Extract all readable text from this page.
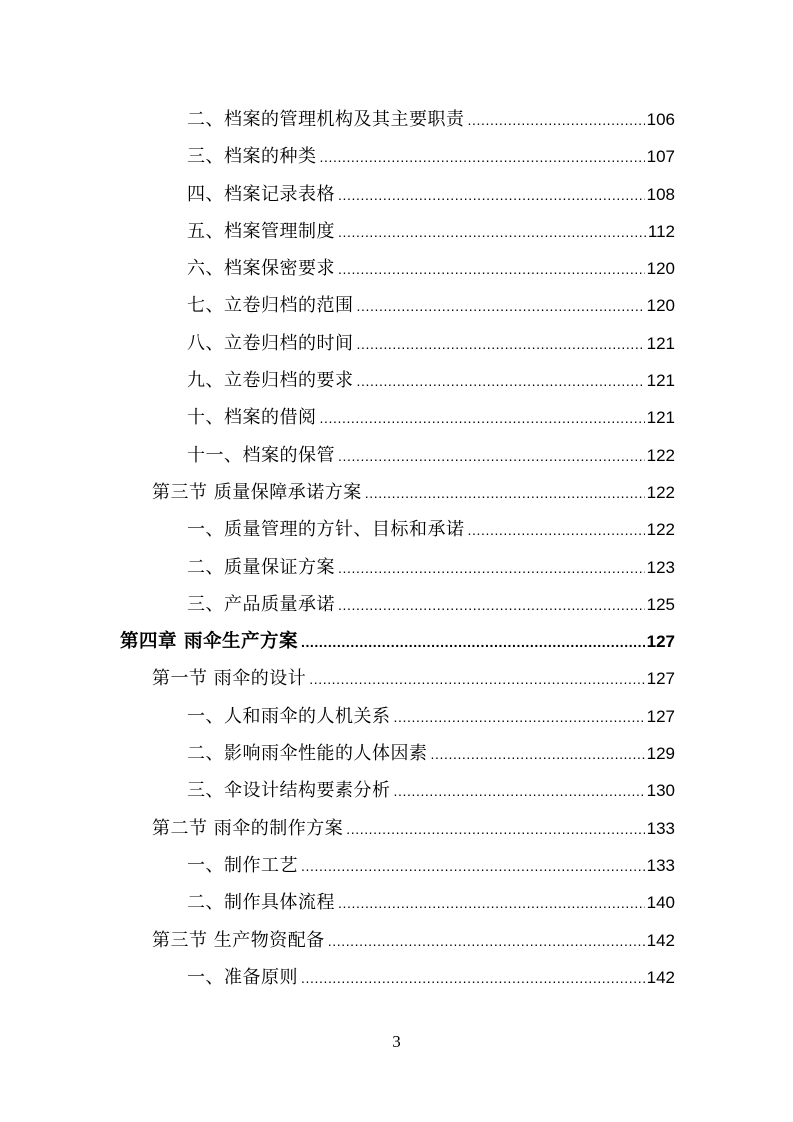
二、档案的管理机构及其主要职责 .....	106
三、档案的种类 .....	107
四、档案记录表格 .....	108
五、档案管理制度 .....	112
六、档案保密要求 .....	120
七、立卷归档的范围 .....	120
八、立卷归档的时间 .....	121
九、立卷归档的要求 .....	121
十、档案的借阅 .....	121
十一、档案的保管 .....	122
第三节 质量保障承诺方案 .....	122
一、质量管理的方针、目标和承诺 .....	122
二、质量保证方案 .....	123
三、产品质量承诺 .....	125
第四章 雨伞生产方案 .....	127
第一节 雨伞的设计 .....	127
一、人和雨伞的人机关系 .....	127
二、影响雨伞性能的人体因素 .....	129
三、伞设计结构要素分析 .....	130
第二节 雨伞的制作方案 .....	133
一、制作工艺 .....	133
二、制作具体流程 .....	140
第三节 生产物资配备 .....	142
一、准备原则 .....	142
3
